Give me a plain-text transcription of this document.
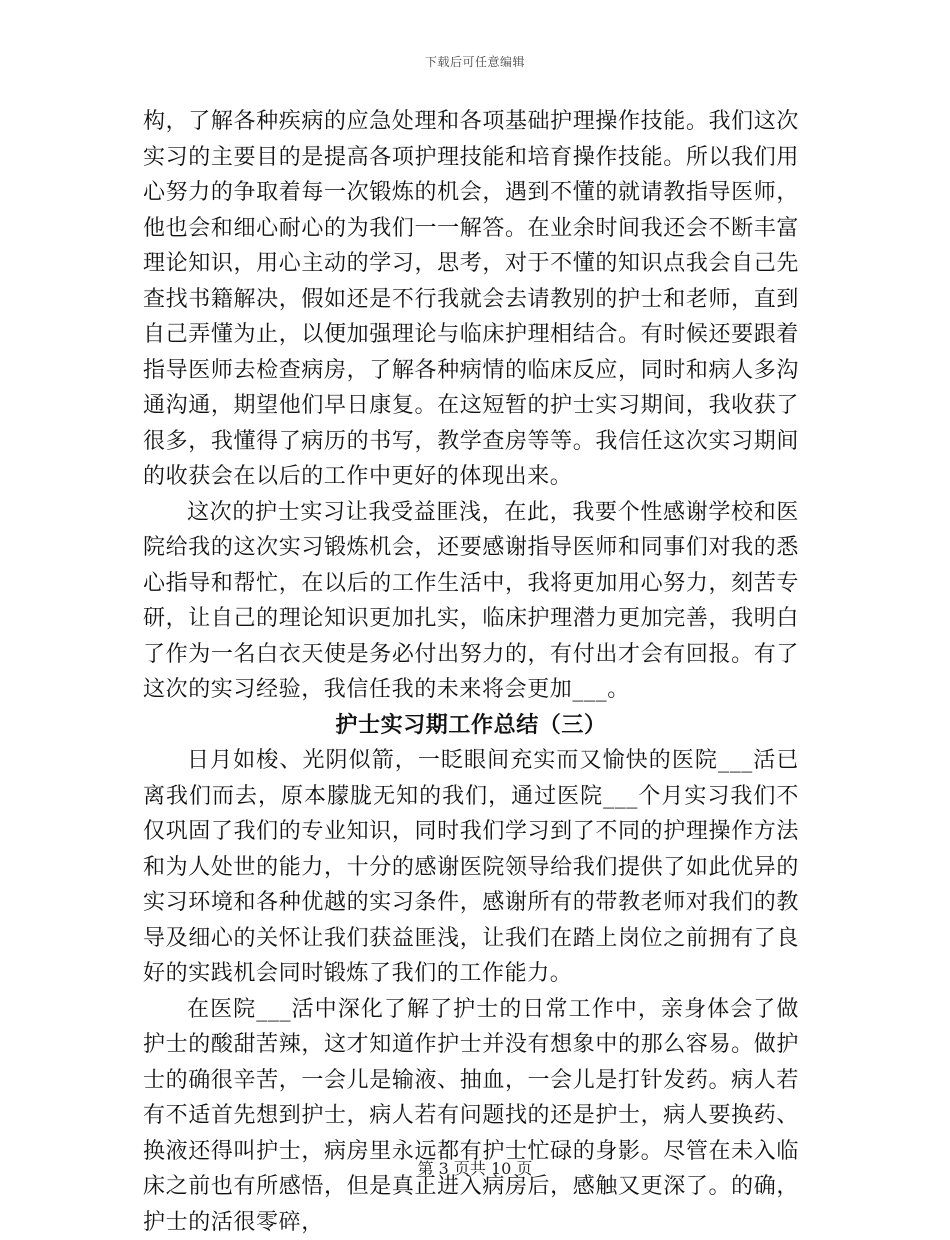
下载后可任意编辑

构，了解各种疾病的应急处理和各项基础护理操作技能。我们这次实习的主要目的是提高各项护理技能和培育操作技能。所以我们用心努力的争取着每一次锻炼的机会，遇到不懂的就请教指导医师，他也会和细心耐心的为我们一一解答。在业余时间我还会不断丰富理论知识，用心主动的学习，思考，对于不懂的知识点我会自己先查找书籍解决，假如还是不行我就会去请教别的护士和老师，直到自己弄懂为止，以便加强理论与临床护理相结合。有时候还要跟着指导医师去检查病房，了解各种病情的临床反应，同时和病人多沟通沟通，期望他们早日康复。在这短暂的护士实习期间，我收获了很多，我懂得了病历的书写，教学查房等等。我信任这次实习期间的收获会在以后的工作中更好的体现出来。

这次的护士实习让我受益匪浅，在此，我要个性感谢学校和医院给我的这次实习锻炼机会，还要感谢指导医师和同事们对我的悉心指导和帮忙，在以后的工作生活中，我将更加用心努力，刻苦专研，让自己的理论知识更加扎实，临床护理潜力更加完善，我明白了作为一名白衣天使是务必付出努力的，有付出才会有回报。有了这次的实习经验，我信任我的未来将会更加___。

护士实习期工作总结（三）

日月如梭、光阴似箭，一眨眼间充实而又愉快的医院___活已离我们而去，原本朦胧无知的我们，通过医院___个月实习我们不仅巩固了我们的专业知识，同时我们学习到了不同的护理操作方法和为人处世的能力，十分的感谢医院领导给我们提供了如此优异的实习环境和各种优越的实习条件，感谢所有的带教老师对我们的教导及细心的关怀让我们获益匪浅，让我们在踏上岗位之前拥有了良好的实践机会同时锻炼了我们的工作能力。

在医院___活中深化了解了护士的日常工作中，亲身体会了做护士的酸甜苦辣，这才知道作护士并没有想象中的那么容易。做护士的确很辛苦，一会儿是输液、抽血，一会儿是打针发药。病人若有不适首先想到护士，病人若有问题找的还是护士，病人要换药、换液还得叫护士，病房里永远都有护士忙碌的身影。尽管在未入临床之前也有所感悟，但是真正进入病房后，感触又更深了。的确，护士的活很零碎，

第 3 页共 10 页
